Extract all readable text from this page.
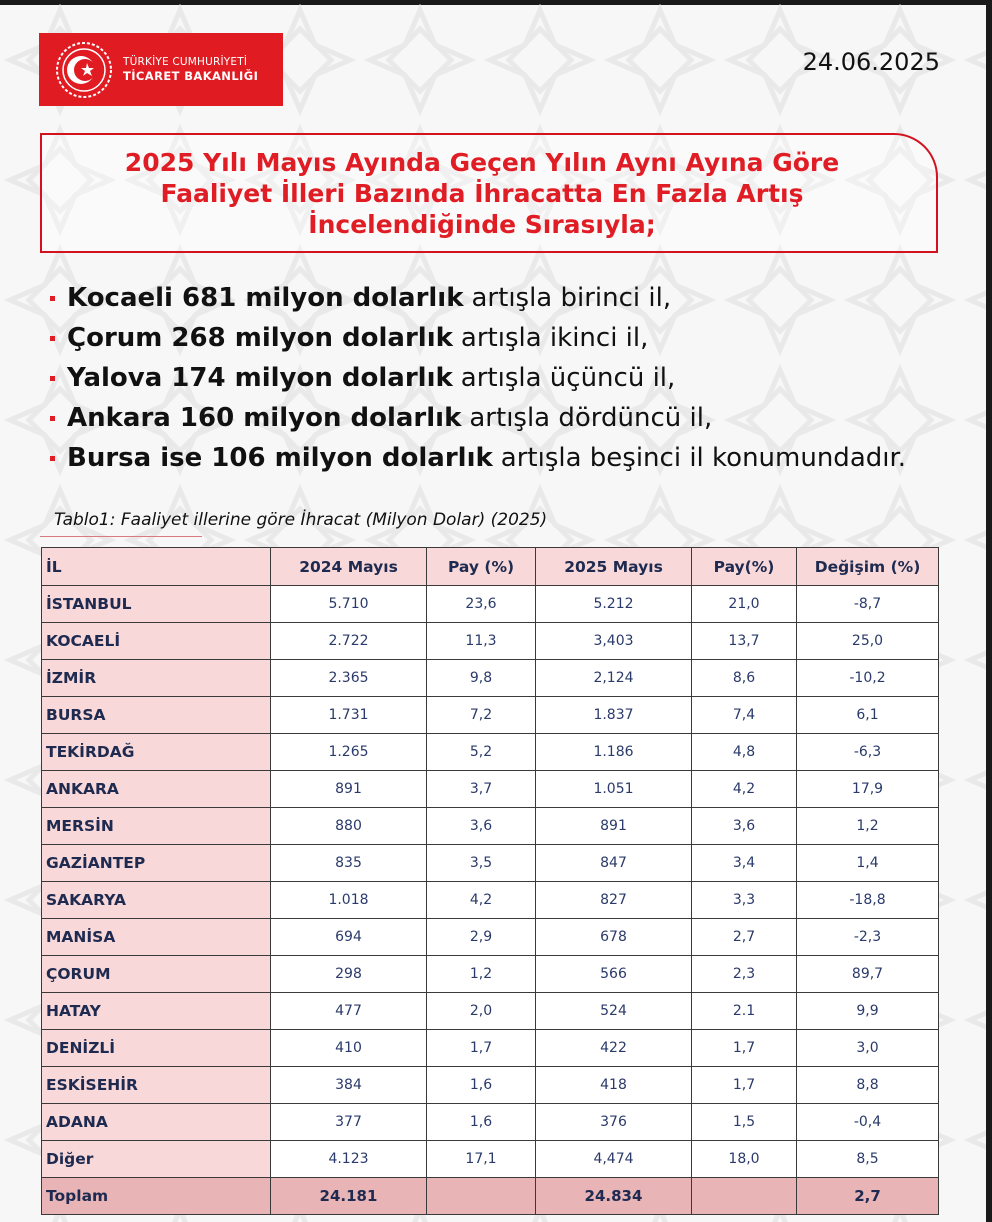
TÜRKİYE CUMHURİYETİ
TİCARET BAKANLIĞI	24.06.2025
2025 Yılı Mayıs Ayında Geçen Yılın Aynı Ayına Göre
Faaliyet İlleri Bazında İhracatta En Fazla Artış
İncelendiğinde Sırasıyla;
Kocaeli 681 milyon dolarlık artışla birinci il,
Çorum 268 milyon dolarlık artışla ikinci il,
Yalova 174 milyon dolarlık artışla üçüncü il,
Ankara 160 milyon dolarlık artışla dördüncü il,
Bursa ise 106 milyon dolarlık artışla beşinci il konumundadır.
Tablo1: Faaliyet illerine göre İhracat (Milyon Dolar) (2025)
İL	2024 Mayıs	Pay (%)	2025 Mayıs	Pay(%)	Değişim (%)
İSTANBUL	5.710	23,6	5.212	21,0	-8,7
KOCAELİ	2.722	11,3	3,403	13,7	25,0
İZMİR	2.365	9,8	2,124	8,6	-10,2
BURSA	1.731	7,2	1.837	7,4	6,1
TEKİRDAĞ	1.265	5,2	1.186	4,8	-6,3
ANKARA	891	3,7	1.051	4,2	17,9
MERSİN	880	3,6	891	3,6	1,2
GAZİANTEP	835	3,5	847	3,4	1,4
SAKARYA	1.018	4,2	827	3,3	-18,8
MANİSA	694	2,9	678	2,7	-2,3
ÇORUM	298	1,2	566	2,3	89,7
HATAY	477	2,0	524	2.1	9,9
DENİZLİ	410	1,7	422	1,7	3,0
ESKİSEHİR	384	1,6	418	1,7	8,8
ADANA	377	1,6	376	1,5	-0,4
Diğer	4.123	17,1	4,474	18,0	8,5
Toplam	24.181		24.834		2,7
